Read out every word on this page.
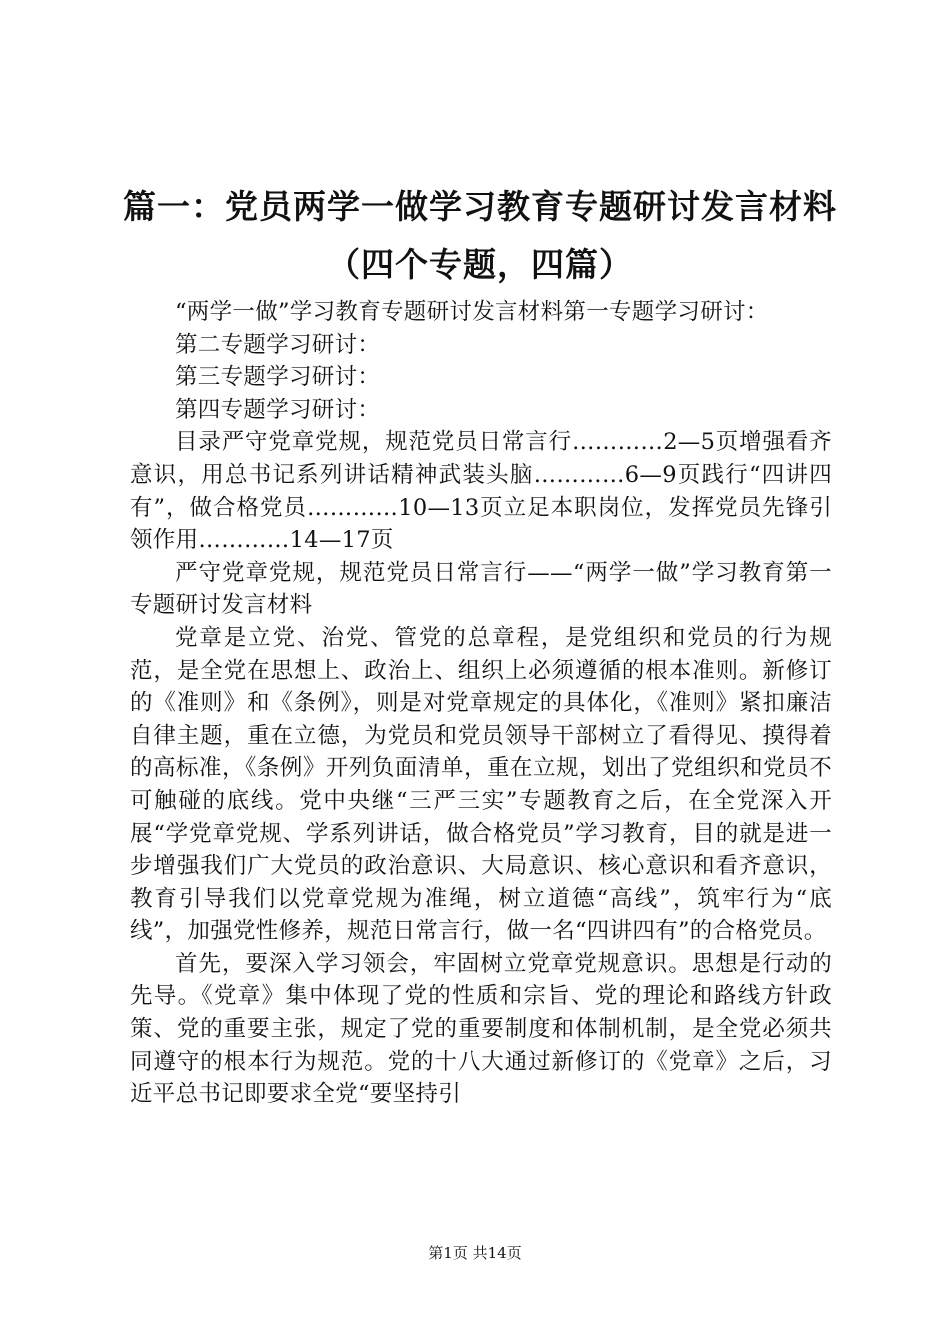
篇一：党员两学一做学习教育专题研讨发言材料（四个专题，四篇）

“两学一做”学习教育专题研讨发言材料第一专题学习研讨：

第二专题学习研讨：

第三专题学习研讨：

第四专题学习研讨：

目录严守党章党规，规范党员日常言行…………2—5页增强看齐意识，用总书记系列讲话精神武装头脑…………6—9页践行“四讲四有”，做合格党员…………10—13页立足本职岗位，发挥党员先锋引领作用…………14—17页

严守党章党规，规范党员日常言行——“两学一做”学习教育第一专题研讨发言材料

党章是立党、治党、管党的总章程，是党组织和党员的行为规范，是全党在思想上、政治上、组织上必须遵循的根本准则。新修订的《准则》和《条例》，则是对党章规定的具体化，《准则》紧扣廉洁自律主题，重在立德，为党员和党员领导干部树立了看得见、摸得着的高标准，《条例》开列负面清单，重在立规，划出了党组织和党员不可触碰的底线。党中央继“三严三实”专题教育之后，在全党深入开展“学党章党规、学系列讲话，做合格党员”学习教育，目的就是进一步增强我们广大党员的政治意识、大局意识、核心意识和看齐意识，教育引导我们以党章党规为准绳，树立道德“高线”，筑牢行为“底线”，加强党性修养，规范日常言行，做一名“四讲四有”的合格党员。

首先，要深入学习领会，牢固树立党章党规意识。思想是行动的先导。《党章》集中体现了党的性质和宗旨、党的理论和路线方针政策、党的重要主张，规定了党的重要制度和体制机制，是全党必须共同遵守的根本行为规范。党的十八大通过新修订的《党章》之后，习近平总书记即要求全党“要坚持引

第1页 共14页
